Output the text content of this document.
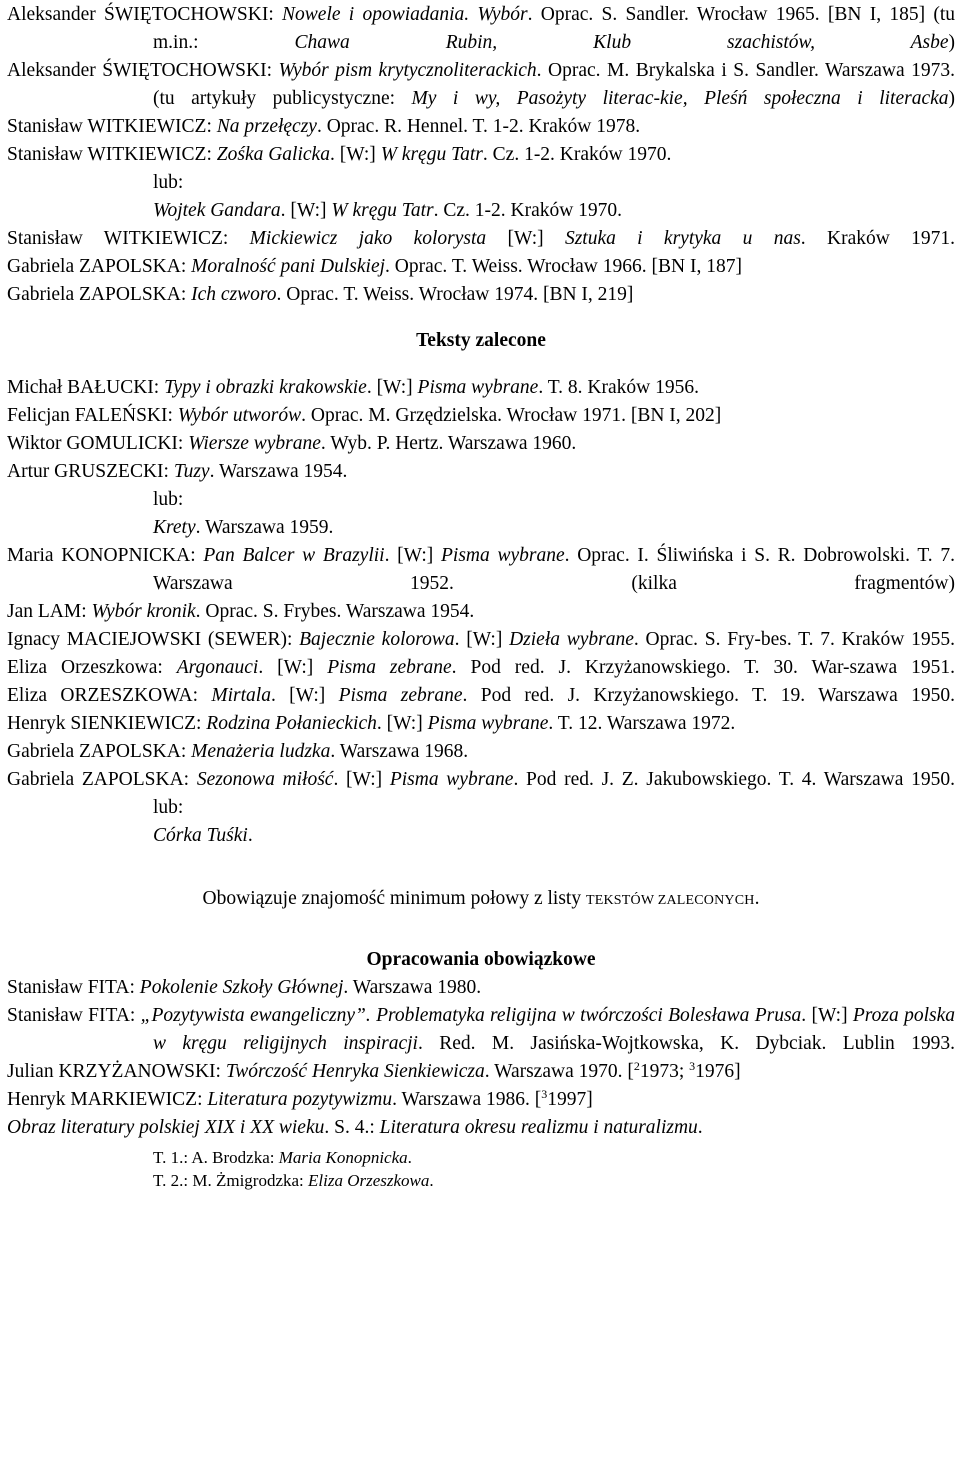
Aleksander ŚWIĘTOCHOWSKI: Nowele i opowiadania. Wybór. Oprac. S. Sandler. Wrocław 1965. [BN I, 185] (tu m.in.: Chawa Rubin, Klub szachistów, Asbe)

Aleksander ŚWIĘTOCHOWSKI: Wybór pism krytycznoliterackich. Oprac. M. Brykalska i S. Sandler. Warszawa 1973. (tu artykuły publicystyczne: My i wy, Pasożyty literac-kie, Pleśń społeczna i literacka)

Stanisław WITKIEWICZ: Na przełęczy. Oprac. R. Hennel. T. 1-2. Kraków 1978.

Stanisław WITKIEWICZ: Zośka Galicka. [W:] W kręgu Tatr. Cz. 1-2. Kraków 1970.

lub:

Wojtek Gandara. [W:] W kręgu Tatr. Cz. 1-2. Kraków 1970.

Stanisław WITKIEWICZ: Mickiewicz jako kolorysta [W:] Sztuka i krytyka u nas. Kraków 1971.

Gabriela ZAPOLSKA: Moralność pani Dulskiej. Oprac. T. Weiss. Wrocław 1966. [BN I, 187]

Gabriela ZAPOLSKA: Ich czworo. Oprac. T. Weiss. Wrocław 1974. [BN I, 219]

Teksty zalecone

Michał BAŁUCKI: Typy i obrazki krakowskie. [W:] Pisma wybrane. T. 8. Kraków 1956.

Felicjan FALEŃSKI: Wybór utworów. Oprac. M. Grzędzielska. Wrocław 1971. [BN I, 202]

Wiktor GOMULICKI: Wiersze wybrane. Wyb. P. Hertz. Warszawa 1960.

Artur GRUSZECKI: Tuzy. Warszawa 1954.

lub:

Krety. Warszawa 1959.

Maria KONOPNICKA: Pan Balcer w Brazylii. [W:] Pisma wybrane. Oprac. I. Śliwińska i S. R. Dobrowolski. T. 7. Warszawa 1952. (kilka fragmentów)

Jan LAM: Wybór kronik. Oprac. S. Frybes. Warszawa 1954.

Ignacy MACIEJOWSKI (SEWER): Bajecznie kolorowa. [W:] Dzieła wybrane. Oprac. S. Fry-bes. T. 7. Kraków 1955.

Eliza Orzeszkowa: Argonauci. [W:] Pisma zebrane. Pod red. J. Krzyżanowskiego. T. 30. War-szawa 1951.

Eliza ORZESZKOWA: Mirtala. [W:] Pisma zebrane. Pod red. J. Krzyżanowskiego. T. 19. Warszawa 1950.

Henryk SIENKIEWICZ: Rodzina Połanieckich. [W:] Pisma wybrane. T. 12. Warszawa 1972.

Gabriela ZAPOLSKA: Menażeria ludzka. Warszawa 1968.

Gabriela ZAPOLSKA: Sezonowa miłość. [W:] Pisma wybrane. Pod red. J. Z. Jakubowskiego. T. 4. Warszawa 1950.

lub:

Córka Tuśki.

Obowiązuje znajomość minimum połowy z listy TEKSTÓW ZALECONYCH.

Opracowania obowiązkowe

Stanisław FITA: Pokolenie Szkoły Głównej. Warszawa 1980.

Stanisław FITA: „Pozytywista ewangeliczny”. Problematyka religijna w twórczości Bolesława Prusa. [W:] Proza polska w kręgu religijnych inspiracji. Red. M. Jasińska-Wojtkowska, K. Dybciak. Lublin 1993.

Julian KRZYŻANOWSKI: Twórczość Henryka Sienkiewicza. Warszawa 1970. [$^2$1973; $^3$1976]

Henryk MARKIEWICZ: Literatura pozytywizmu. Warszawa 1986. [$^3$1997]

Obraz literatury polskiej XIX i XX wieku. S. 4.: Literatura okresu realizmu i naturalizmu.

T. 1.: A. Brodzka: Maria Konopnicka.

T. 2.: M. Żmigrodzka: Eliza Orzeszkowa.
